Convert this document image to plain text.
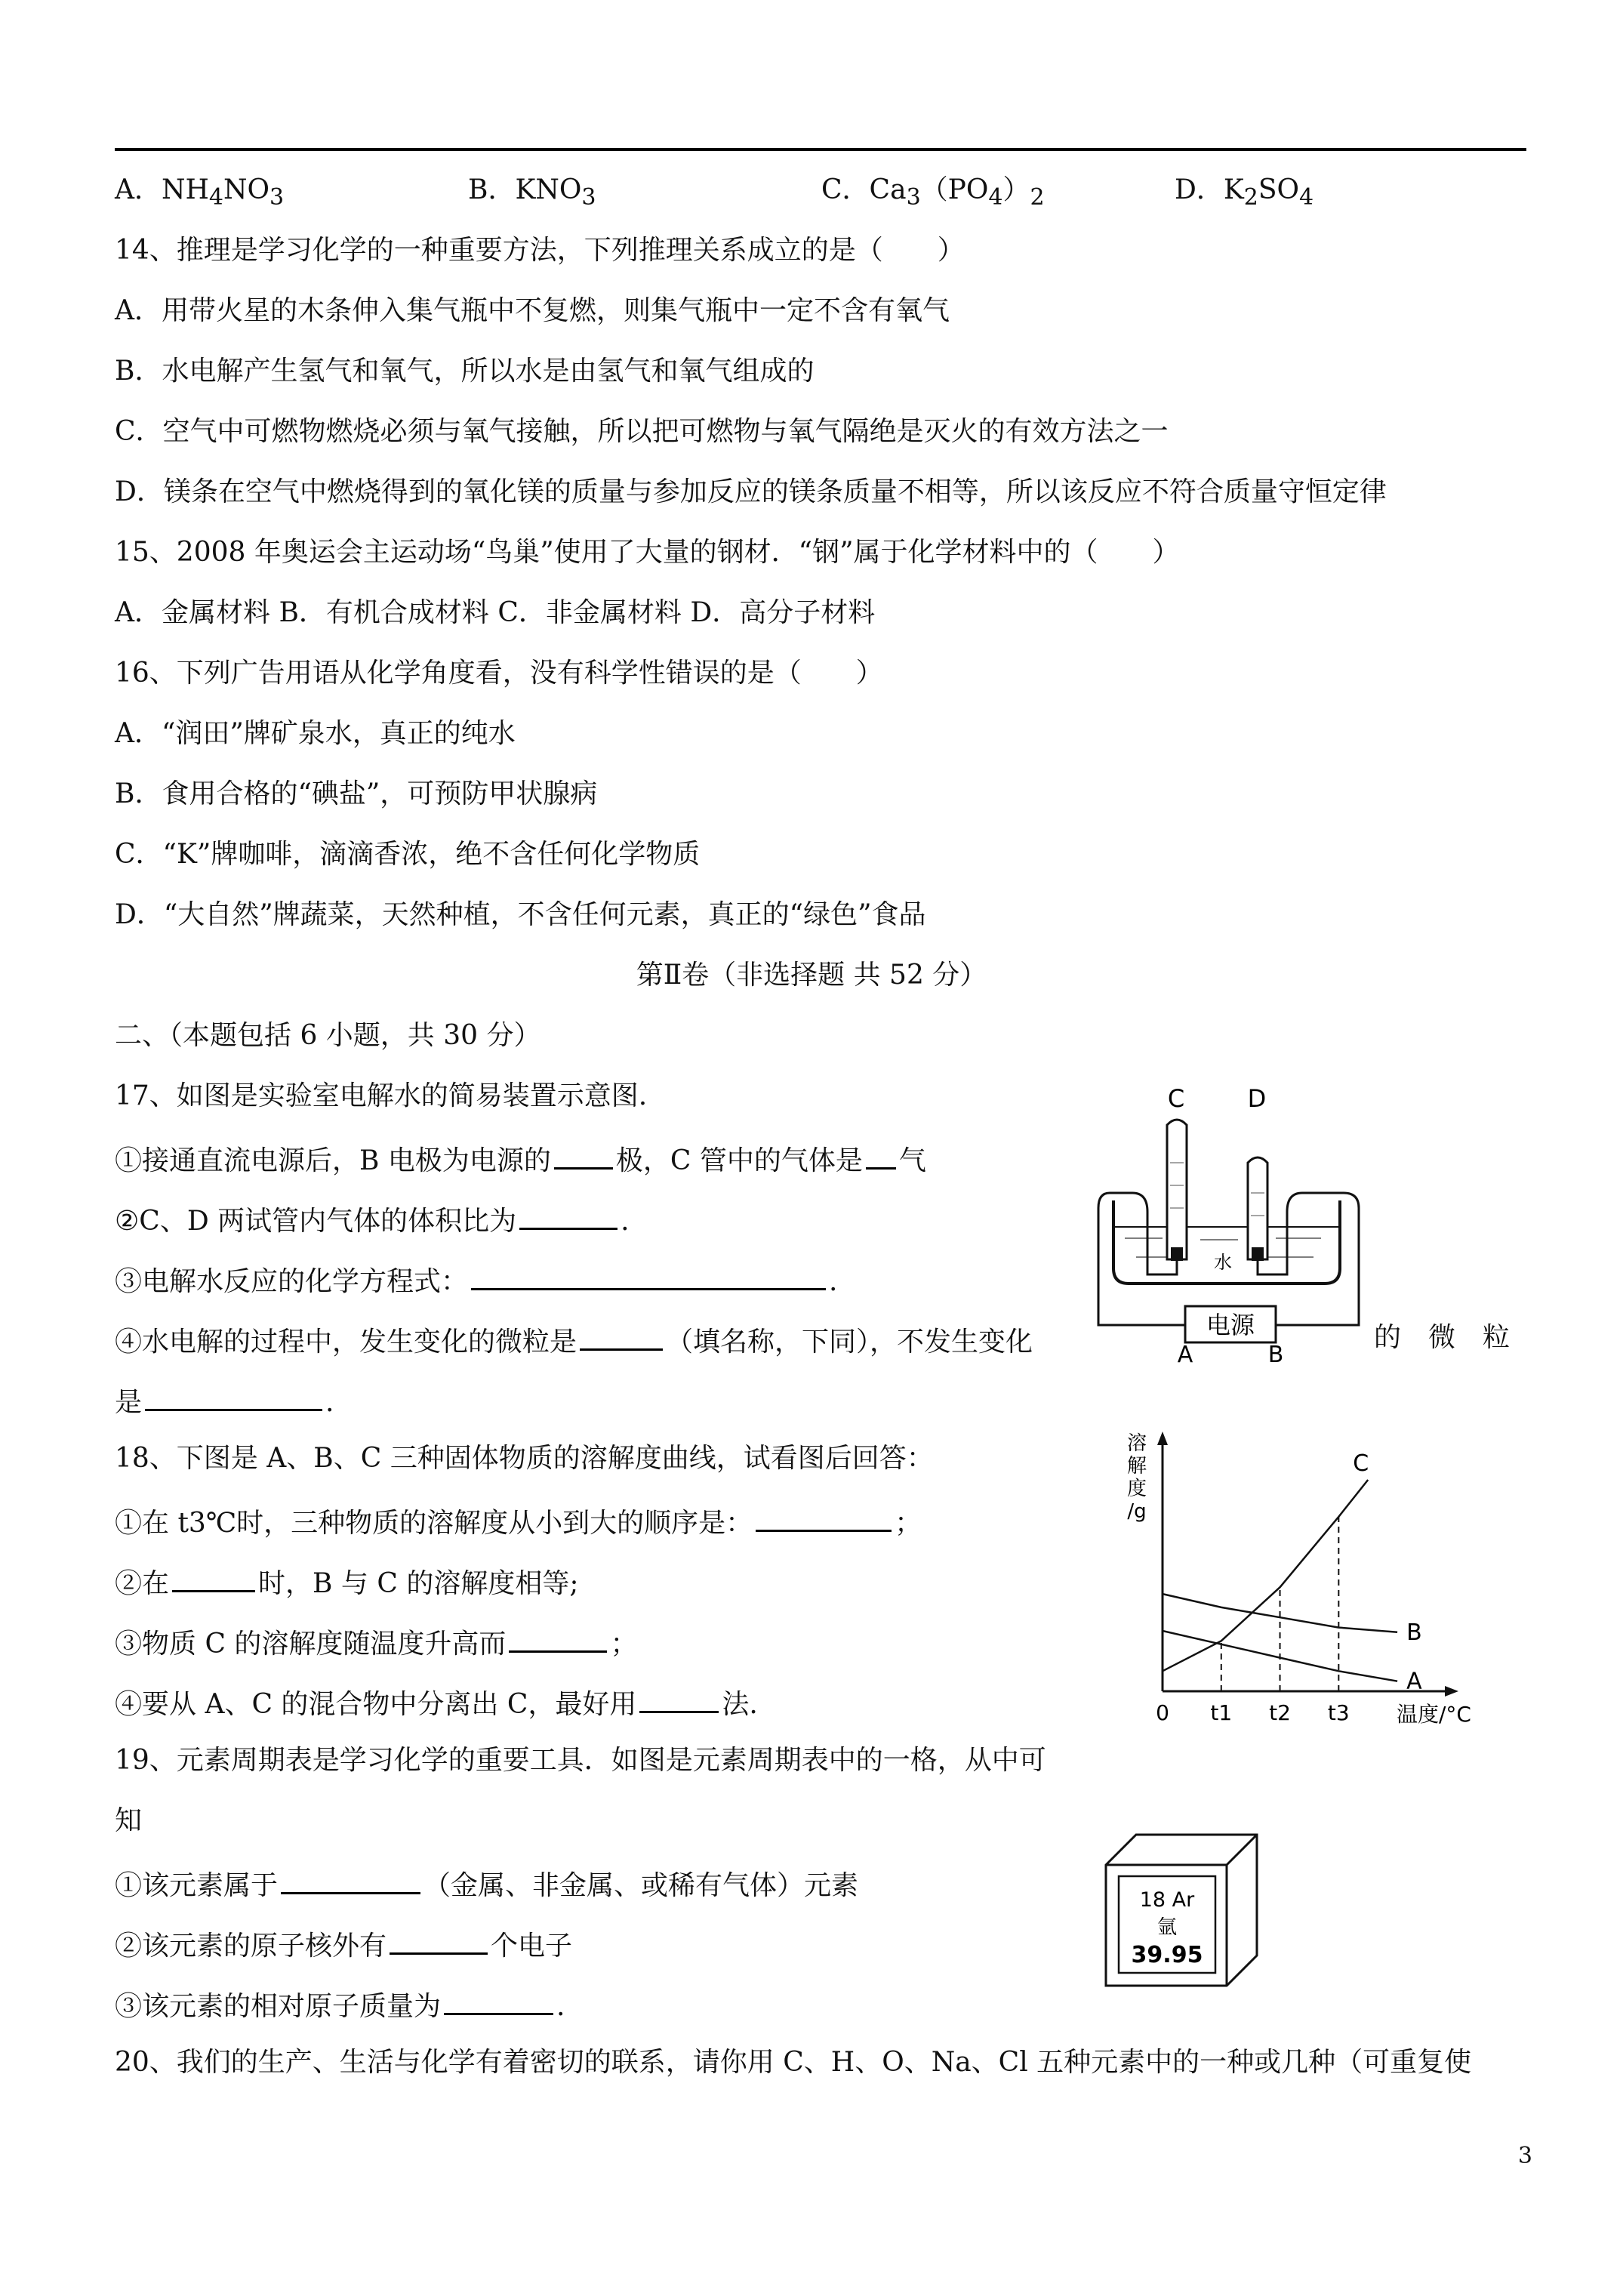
A．$NH_4NO_3$	B．$KNO_3$	C．$Ca_3(PO_4)_2$	D．$K_2SO_4$
14、推理是学习化学的一种重要方法，下列推理关系成立的是（　　）
A．用带火星的木条伸入集气瓶中不复燃，则集气瓶中一定不含有氧气
B．水电解产生氢气和氧气，所以水是由氢气和氧气组成的
C．空气中可燃物燃烧必须与氧气接触，所以把可燃物与氧气隔绝是灭火的有效方法之一
D．镁条在空气中燃烧得到的氧化镁的质量与参加反应的镁条质量不相等，所以该反应不符合质量守恒定律
15、2008 年奥运会主运动场“鸟巢”使用了大量的钢材．“钢”属于化学材料中的（　　）
A．金属材料 B．有机合成材料 C．非金属材料 D．高分子材料
16、下列广告用语从化学角度看，没有科学性错误的是（　　）
A．“润田”牌矿泉水，真正的纯水
B．食用合格的“碘盐”，可预防甲状腺病
C．“K”牌咖啡，滴滴香浓，绝不含任何化学物质
D．“大自然”牌蔬菜，天然种植，不含任何元素，真正的“绿色”食品
第Ⅱ卷（非选择题 共 52 分）
二、（本题包括 6 小题，共 30 分）
17、如图是实验室电解水的简易装置示意图.
①接通直流电源后，B 电极为电源的 极，C 管中的气体是 气
②C、D 两试管内气体的体积比为	.
③电解水反应的化学方程式：	.
④水电解的过程中，发生变化的微粒是	（填名称，下同），不发生变化	的　微　粒
是	.
C	D
水
电源
A	B
18、下图是 A、B、C 三种固体物质的溶解度曲线，试看图后回答：
①在 t3℃时，三种物质的溶解度从小到大的顺序是：	；
②在	时，B 与 C 的溶解度相等;
③物质 C 的溶解度随温度升高而	；
④要从 A、C 的混合物中分离出 C，最好用	法.
溶
解
度
/g
C
B
A
t1 t2 t3
0	温度/°C
19、元素周期表是学习化学的重要工具．如图是元素周期表中的一格，从中可
知
①该元素属于	（金属、非金属、或稀有气体）元素
②该元素的原子核外有	个电子
③该元素的相对原子质量为	.
18 Ar
氩
39.95
20、我们的生产、生活与化学有着密切的联系，请你用 C、H、O、Na、Cl 五种元素中的一种或几种（可重复使
3
